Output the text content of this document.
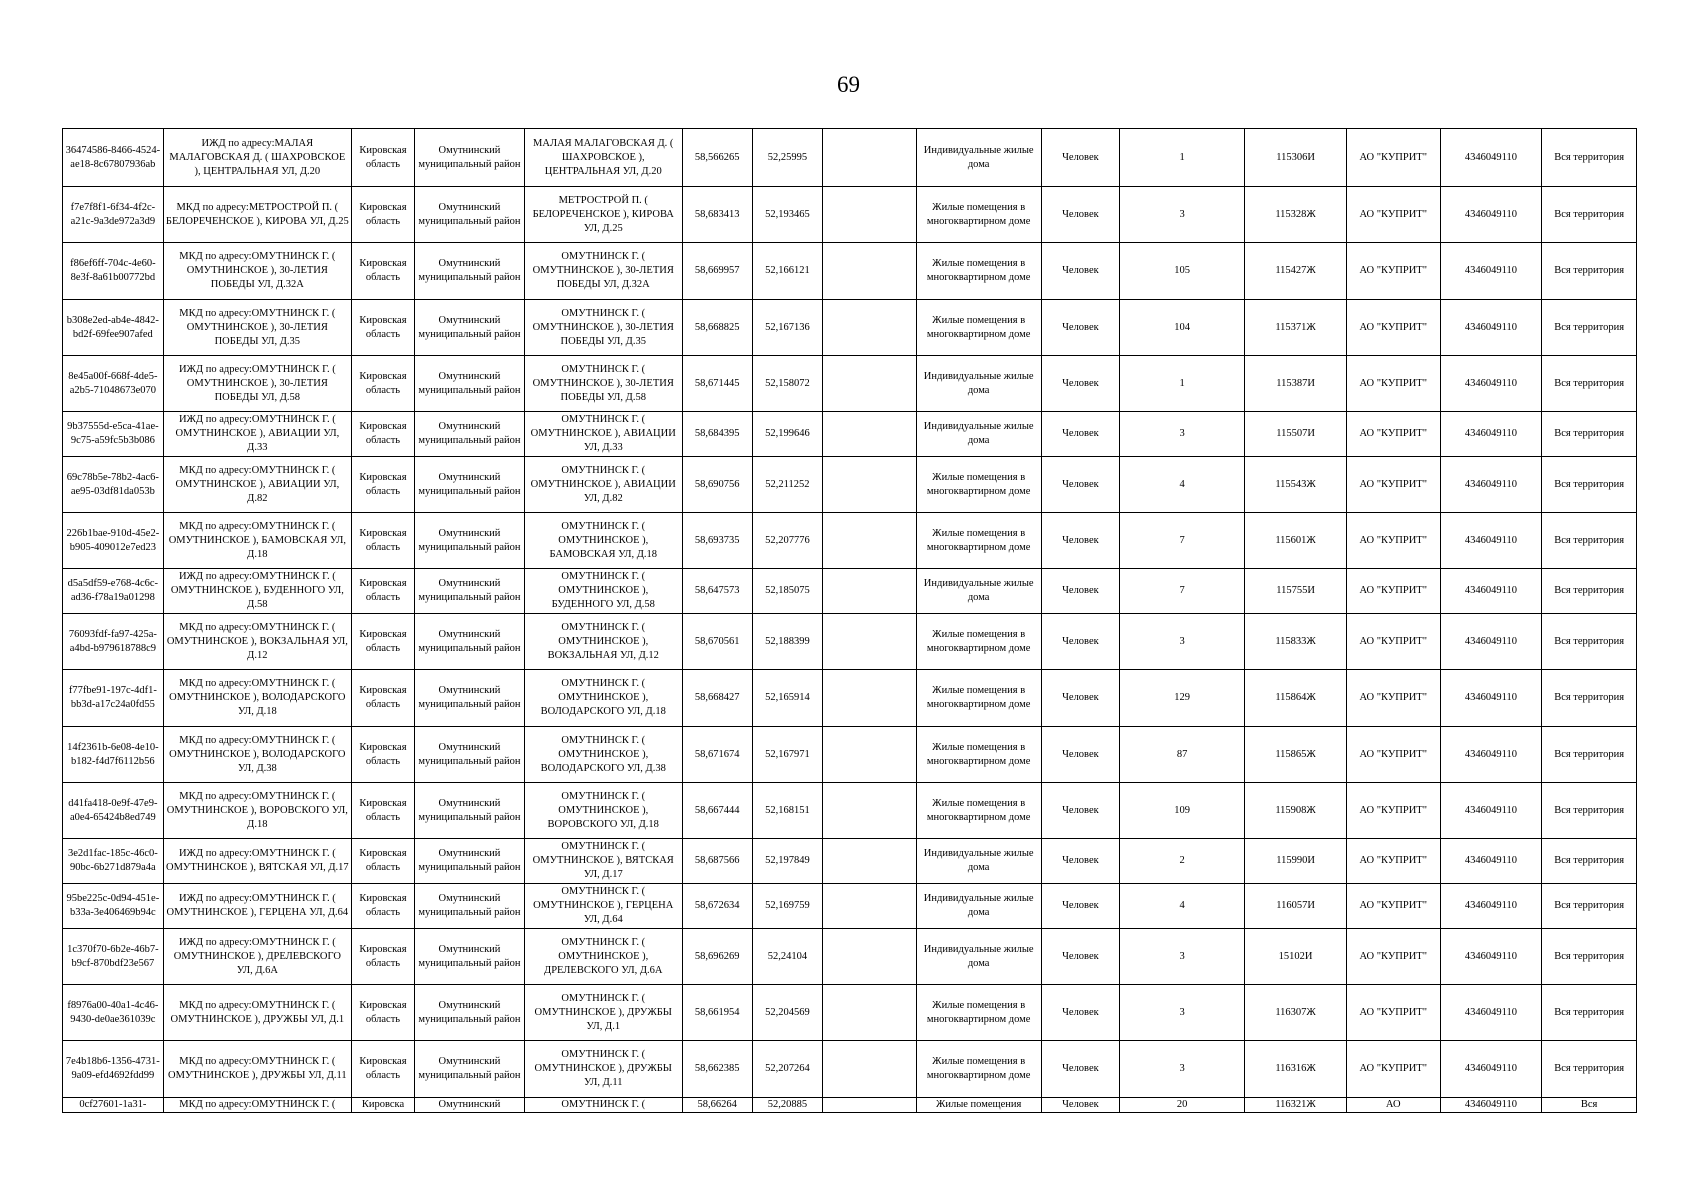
69
36474586-8466-4524-ae18-8c67807936ab	ИЖД по адресу:МАЛАЯ МАЛАГОВСКАЯ Д. ( ШАХРОВСКОЕ ), ЦЕНТРАЛЬНАЯ УЛ, Д.20	Кировская область	Омутнинский муниципальный район	МАЛАЯ МАЛАГОВСКАЯ Д. ( ШАХРОВСКОЕ ), ЦЕНТРАЛЬНАЯ УЛ, Д.20	58,566265	52,25995		Индивидуальные жилые дома	Человек	1	115306И	АО "КУПРИТ"	4346049110	Вся территория
f7e7f8f1-6f34-4f2c-a21c-9a3de972a3d9	МКД по адресу:МЕТРОСТРОЙ П. ( БЕЛОРЕЧЕНСКОЕ ), КИРОВА УЛ, Д.25	Кировская область	Омутнинский муниципальный район	МЕТРОСТРОЙ П. ( БЕЛОРЕЧЕНСКОЕ ), КИРОВА УЛ, Д.25	58,683413	52,193465		Жилые помещения в многоквартирном доме	Человек	3	115328Ж	АО "КУПРИТ"	4346049110	Вся территория
f86ef6ff-704c-4e60-8e3f-8a61b00772bd	МКД по адресу:ОМУТНИНСК Г. ( ОМУТНИНСКОЕ ), 30-ЛЕТИЯ ПОБЕДЫ УЛ, Д.32А	Кировская область	Омутнинский муниципальный район	ОМУТНИНСК Г. ( ОМУТНИНСКОЕ ), 30-ЛЕТИЯ ПОБЕДЫ УЛ, Д.32А	58,669957	52,166121		Жилые помещения в многоквартирном доме	Человек	105	115427Ж	АО "КУПРИТ"	4346049110	Вся территория
b308e2ed-ab4e-4842-bd2f-69fee907afed	МКД по адресу:ОМУТНИНСК Г. ( ОМУТНИНСКОЕ ), 30-ЛЕТИЯ ПОБЕДЫ УЛ, Д.35	Кировская область	Омутнинский муниципальный район	ОМУТНИНСК Г. ( ОМУТНИНСКОЕ ), 30-ЛЕТИЯ ПОБЕДЫ УЛ, Д.35	58,668825	52,167136		Жилые помещения в многоквартирном доме	Человек	104	115371Ж	АО "КУПРИТ"	4346049110	Вся территория
8e45a00f-668f-4de5-a2b5-71048673e070	ИЖД по адресу:ОМУТНИНСК Г. ( ОМУТНИНСКОЕ ), 30-ЛЕТИЯ ПОБЕДЫ УЛ, Д.58	Кировская область	Омутнинский муниципальный район	ОМУТНИНСК Г. ( ОМУТНИНСКОЕ ), 30-ЛЕТИЯ ПОБЕДЫ УЛ, Д.58	58,671445	52,158072		Индивидуальные жилые дома	Человек	1	115387И	АО "КУПРИТ"	4346049110	Вся территория
9b37555d-e5ca-41ae-9c75-a59fc5b3b086	ИЖД по адресу:ОМУТНИНСК Г. ( ОМУТНИНСКОЕ ), АВИАЦИИ УЛ, Д.33	Кировская область	Омутнинский муниципальный район	ОМУТНИНСК Г. ( ОМУТНИНСКОЕ ), АВИАЦИИ УЛ, Д.33	58,684395	52,199646		Индивидуальные жилые дома	Человек	3	115507И	АО "КУПРИТ"	4346049110	Вся территория
69c78b5e-78b2-4ac6-ae95-03df81da053b	МКД по адресу:ОМУТНИНСК Г. ( ОМУТНИНСКОЕ ), АВИАЦИИ УЛ, Д.82	Кировская область	Омутнинский муниципальный район	ОМУТНИНСК Г. ( ОМУТНИНСКОЕ ), АВИАЦИИ УЛ, Д.82	58,690756	52,211252		Жилые помещения в многоквартирном доме	Человек	4	115543Ж	АО "КУПРИТ"	4346049110	Вся территория
226b1bae-910d-45e2-b905-409012e7ed23	МКД по адресу:ОМУТНИНСК Г. ( ОМУТНИНСКОЕ ), БАМОВСКАЯ УЛ, Д.18	Кировская область	Омутнинский муниципальный район	ОМУТНИНСК Г. ( ОМУТНИНСКОЕ ), БАМОВСКАЯ УЛ, Д.18	58,693735	52,207776		Жилые помещения в многоквартирном доме	Человек	7	115601Ж	АО "КУПРИТ"	4346049110	Вся территория
d5a5df59-e768-4c6c-ad36-f78a19a01298	ИЖД по адресу:ОМУТНИНСК Г. ( ОМУТНИНСКОЕ ), БУДЕННОГО УЛ, Д.58	Кировская область	Омутнинский муниципальный район	ОМУТНИНСК Г. ( ОМУТНИНСКОЕ ), БУДЕННОГО УЛ, Д.58	58,647573	52,185075		Индивидуальные жилые дома	Человек	7	115755И	АО "КУПРИТ"	4346049110	Вся территория
76093fdf-fa97-425a-a4bd-b979618788c9	МКД по адресу:ОМУТНИНСК Г. ( ОМУТНИНСКОЕ ), ВОКЗАЛЬНАЯ УЛ, Д.12	Кировская область	Омутнинский муниципальный район	ОМУТНИНСК Г. ( ОМУТНИНСКОЕ ), ВОКЗАЛЬНАЯ УЛ, Д.12	58,670561	52,188399		Жилые помещения в многоквартирном доме	Человек	3	115833Ж	АО "КУПРИТ"	4346049110	Вся территория
f77fbe91-197c-4df1-bb3d-a17c24a0fd55	МКД по адресу:ОМУТНИНСК Г. ( ОМУТНИНСКОЕ ), ВОЛОДАРСКОГО УЛ, Д.18	Кировская область	Омутнинский муниципальный район	ОМУТНИНСК Г. ( ОМУТНИНСКОЕ ), ВОЛОДАРСКОГО УЛ, Д.18	58,668427	52,165914		Жилые помещения в многоквартирном доме	Человек	129	115864Ж	АО "КУПРИТ"	4346049110	Вся территория
14f2361b-6e08-4e10-b182-f4d7f6112b56	МКД по адресу:ОМУТНИНСК Г. ( ОМУТНИНСКОЕ ), ВОЛОДАРСКОГО УЛ, Д.38	Кировская область	Омутнинский муниципальный район	ОМУТНИНСК Г. ( ОМУТНИНСКОЕ ), ВОЛОДАРСКОГО УЛ, Д.38	58,671674	52,167971		Жилые помещения в многоквартирном доме	Человек	87	115865Ж	АО "КУПРИТ"	4346049110	Вся территория
d41fa418-0e9f-47e9-a0e4-65424b8ed749	МКД по адресу:ОМУТНИНСК Г. ( ОМУТНИНСКОЕ ), ВОРОВСКОГО УЛ, Д.18	Кировская область	Омутнинский муниципальный район	ОМУТНИНСК Г. ( ОМУТНИНСКОЕ ), ВОРОВСКОГО УЛ, Д.18	58,667444	52,168151		Жилые помещения в многоквартирном доме	Человек	109	115908Ж	АО "КУПРИТ"	4346049110	Вся территория
3e2d1fac-185c-46c0-90bc-6b271d879a4a	ИЖД по адресу:ОМУТНИНСК Г. ( ОМУТНИНСКОЕ ), ВЯТСКАЯ УЛ, Д.17	Кировская область	Омутнинский муниципальный район	ОМУТНИНСК Г. ( ОМУТНИНСКОЕ ), ВЯТСКАЯ УЛ, Д.17	58,687566	52,197849		Индивидуальные жилые дома	Человек	2	115990И	АО "КУПРИТ"	4346049110	Вся территория
95be225c-0d94-451e-b33a-3e406469b94c	ИЖД по адресу:ОМУТНИНСК Г. ( ОМУТНИНСКОЕ ), ГЕРЦЕНА УЛ, Д.64	Кировская область	Омутнинский муниципальный район	ОМУТНИНСК Г. ( ОМУТНИНСКОЕ ), ГЕРЦЕНА УЛ, Д.64	58,672634	52,169759		Индивидуальные жилые дома	Человек	4	116057И	АО "КУПРИТ"	4346049110	Вся территория
1c370f70-6b2e-46b7-b9cf-870bdf23e567	ИЖД по адресу:ОМУТНИНСК Г. ( ОМУТНИНСКОЕ ), ДРЕЛЕВСКОГО УЛ, Д.6А	Кировская область	Омутнинский муниципальный район	ОМУТНИНСК Г. ( ОМУТНИНСКОЕ ), ДРЕЛЕВСКОГО УЛ, Д.6А	58,696269	52,24104		Индивидуальные жилые дома	Человек	3	15102И	АО "КУПРИТ"	4346049110	Вся территория
f8976a00-40a1-4c46-9430-de0ae361039c	МКД по адресу:ОМУТНИНСК Г. ( ОМУТНИНСКОЕ ), ДРУЖБЫ УЛ, Д.1	Кировская область	Омутнинский муниципальный район	ОМУТНИНСК Г. ( ОМУТНИНСКОЕ ), ДРУЖБЫ УЛ, Д.1	58,661954	52,204569		Жилые помещения в многоквартирном доме	Человек	3	116307Ж	АО "КУПРИТ"	4346049110	Вся территория
7e4b18b6-1356-4731-9a09-efd4692fdd99	МКД по адресу:ОМУТНИНСК Г. ( ОМУТНИНСКОЕ ), ДРУЖБЫ УЛ, Д.11	Кировская область	Омутнинский муниципальный район	ОМУТНИНСК Г. ( ОМУТНИНСКОЕ ), ДРУЖБЫ УЛ, Д.11	58,662385	52,207264		Жилые помещения в многоквартирном доме	Человек	3	116316Ж	АО "КУПРИТ"	4346049110	Вся территория
0cf27601-1a31-	МКД по адресу:ОМУТНИНСК Г. (	Кировска	Омутнинский	ОМУТНИНСК Г. (	58,66264	52,20885		Жилые помещения	Человек	20	116321Ж	АО	4346049110	Вся
